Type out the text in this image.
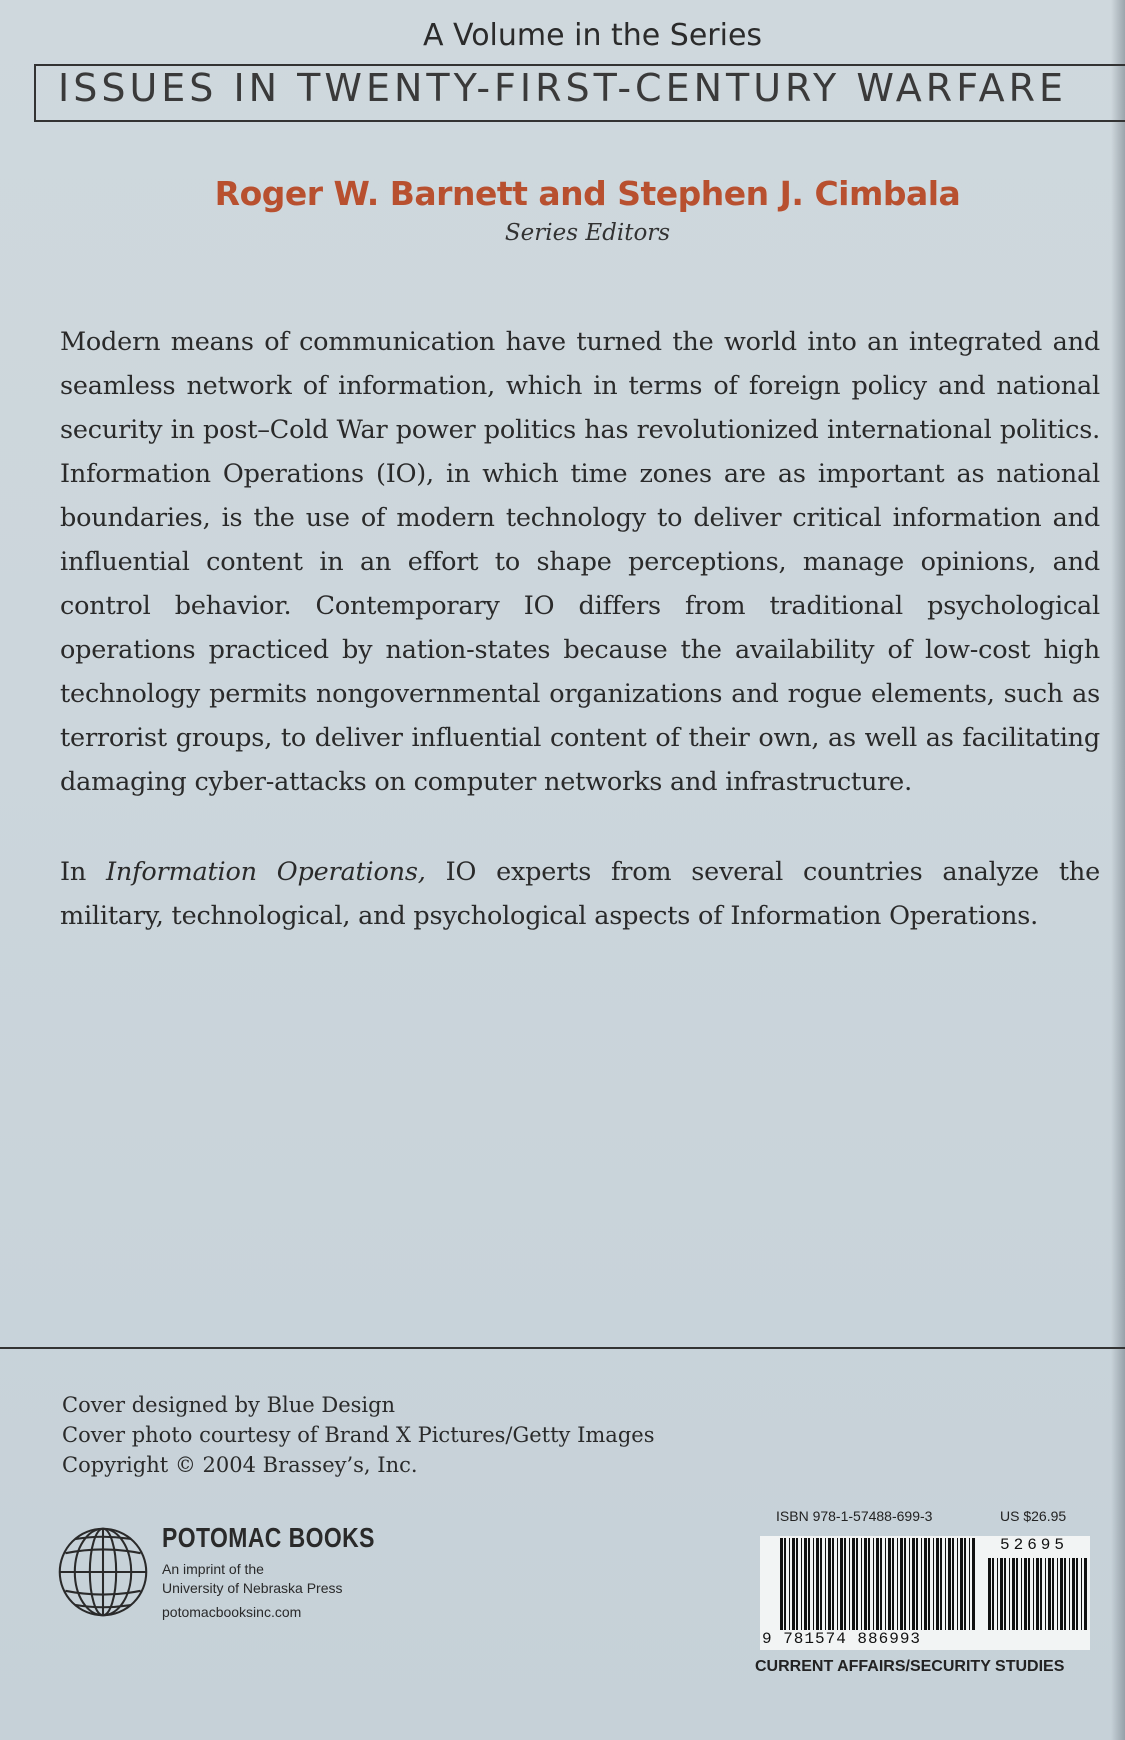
A Volume in the Series
ISSUES IN TWENTY-FIRST-CENTURY WARFARE
Roger W. Barnett and Stephen J. Cimbala
Series Editors

Modern means of communication have turned the world into an integrated and seamless network of information, which in terms of foreign policy and national security in post–Cold War power politics has revolutionized international politics. Information Operations (IO), in which time zones are as important as national boundaries, is the use of modern technology to deliver critical information and influential content in an effort to shape perceptions, manage opinions, and control behavior. Contemporary IO differs from traditional psychological operations practiced by nation-states because the availability of low-cost high technology permits nongovernmental organizations and rogue elements, such as terrorist groups, to deliver influential content of their own, as well as facilitating damaging cyber-attacks on computer networks and infrastructure.

In Information Operations, IO experts from several countries analyze the military, technological, and psychological aspects of Information Operations.

Cover designed by Blue Design
Cover photo courtesy of Brand X Pictures/Getty Images
Copyright © 2004 Brassey’s, Inc.
POTOMAC BOOKS
An imprint of the
University of Nebraska Press
potomacbooksinc.com
ISBN 978-1-57488-699-3	US $26.95
52695
9 781574 886993
CURRENT AFFAIRS/SECURITY STUDIES
